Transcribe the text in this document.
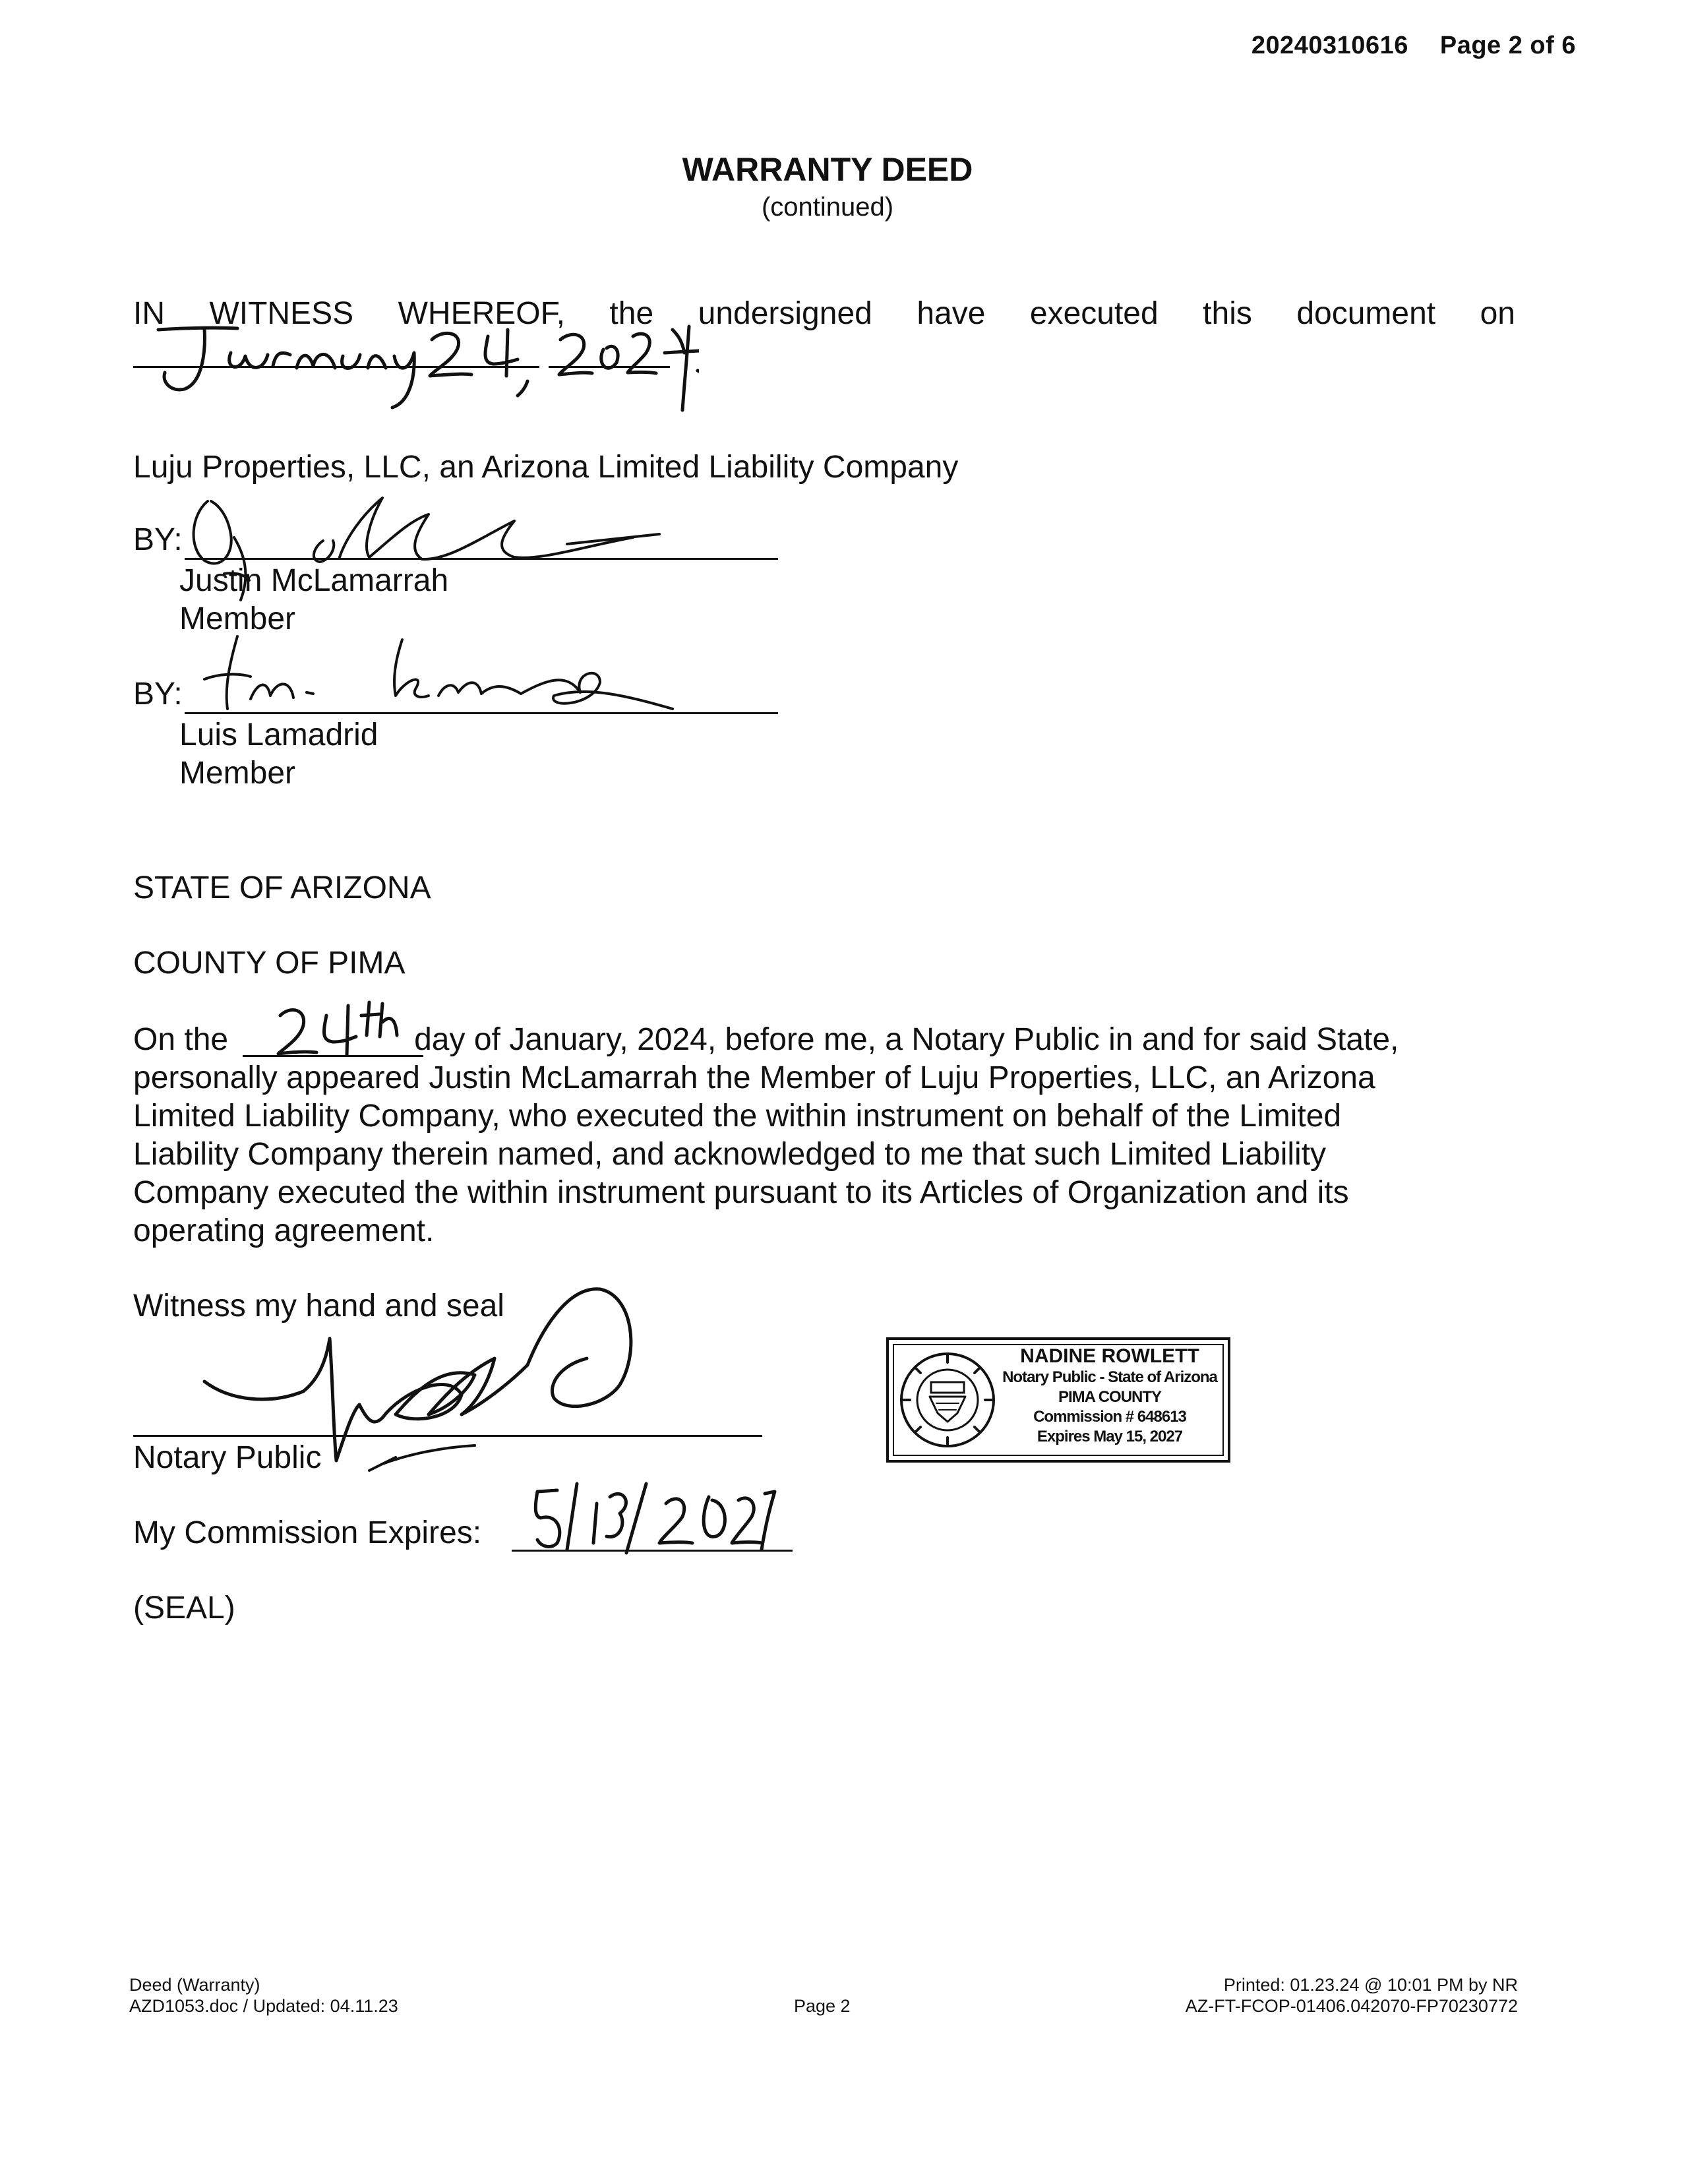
20240310616 Page 2 of 6
WARRANTY DEED
(continued)
IN WITNESS WHEREOF, the undersigned have executed this document on
Luju Properties, LLC, an Arizona Limited Liability Company
BY:
Justin McLamarrah
Member
BY:
Luis Lamadrid
Member
STATE OF ARIZONA
COUNTY OF PIMA
On the	day of January, 2024, before me, a Notary Public in and for said State,
personally appeared Justin McLamarrah the Member of Luju Properties, LLC, an Arizona
Limited Liability Company, who executed the within instrument on behalf of the Limited
Liability Company therein named, and acknowledged to me that such Limited Liability
Company executed the within instrument pursuant to its Articles of Organization and its
operating agreement.
Witness my hand and seal
Notary Public
My Commission Expires:
(SEAL)
NADINE ROWLETT
Notary Public - State of Arizona
PIMA COUNTY
Commission # 648613
Expires May 15, 2027
Deed (Warranty)
AZD1053.doc / Updated: 04.11.23	Page 2
Printed: 01.23.24 @ 10:01 PM by NR
AZ-FT-FCOP-01406.042070-FP70230772
